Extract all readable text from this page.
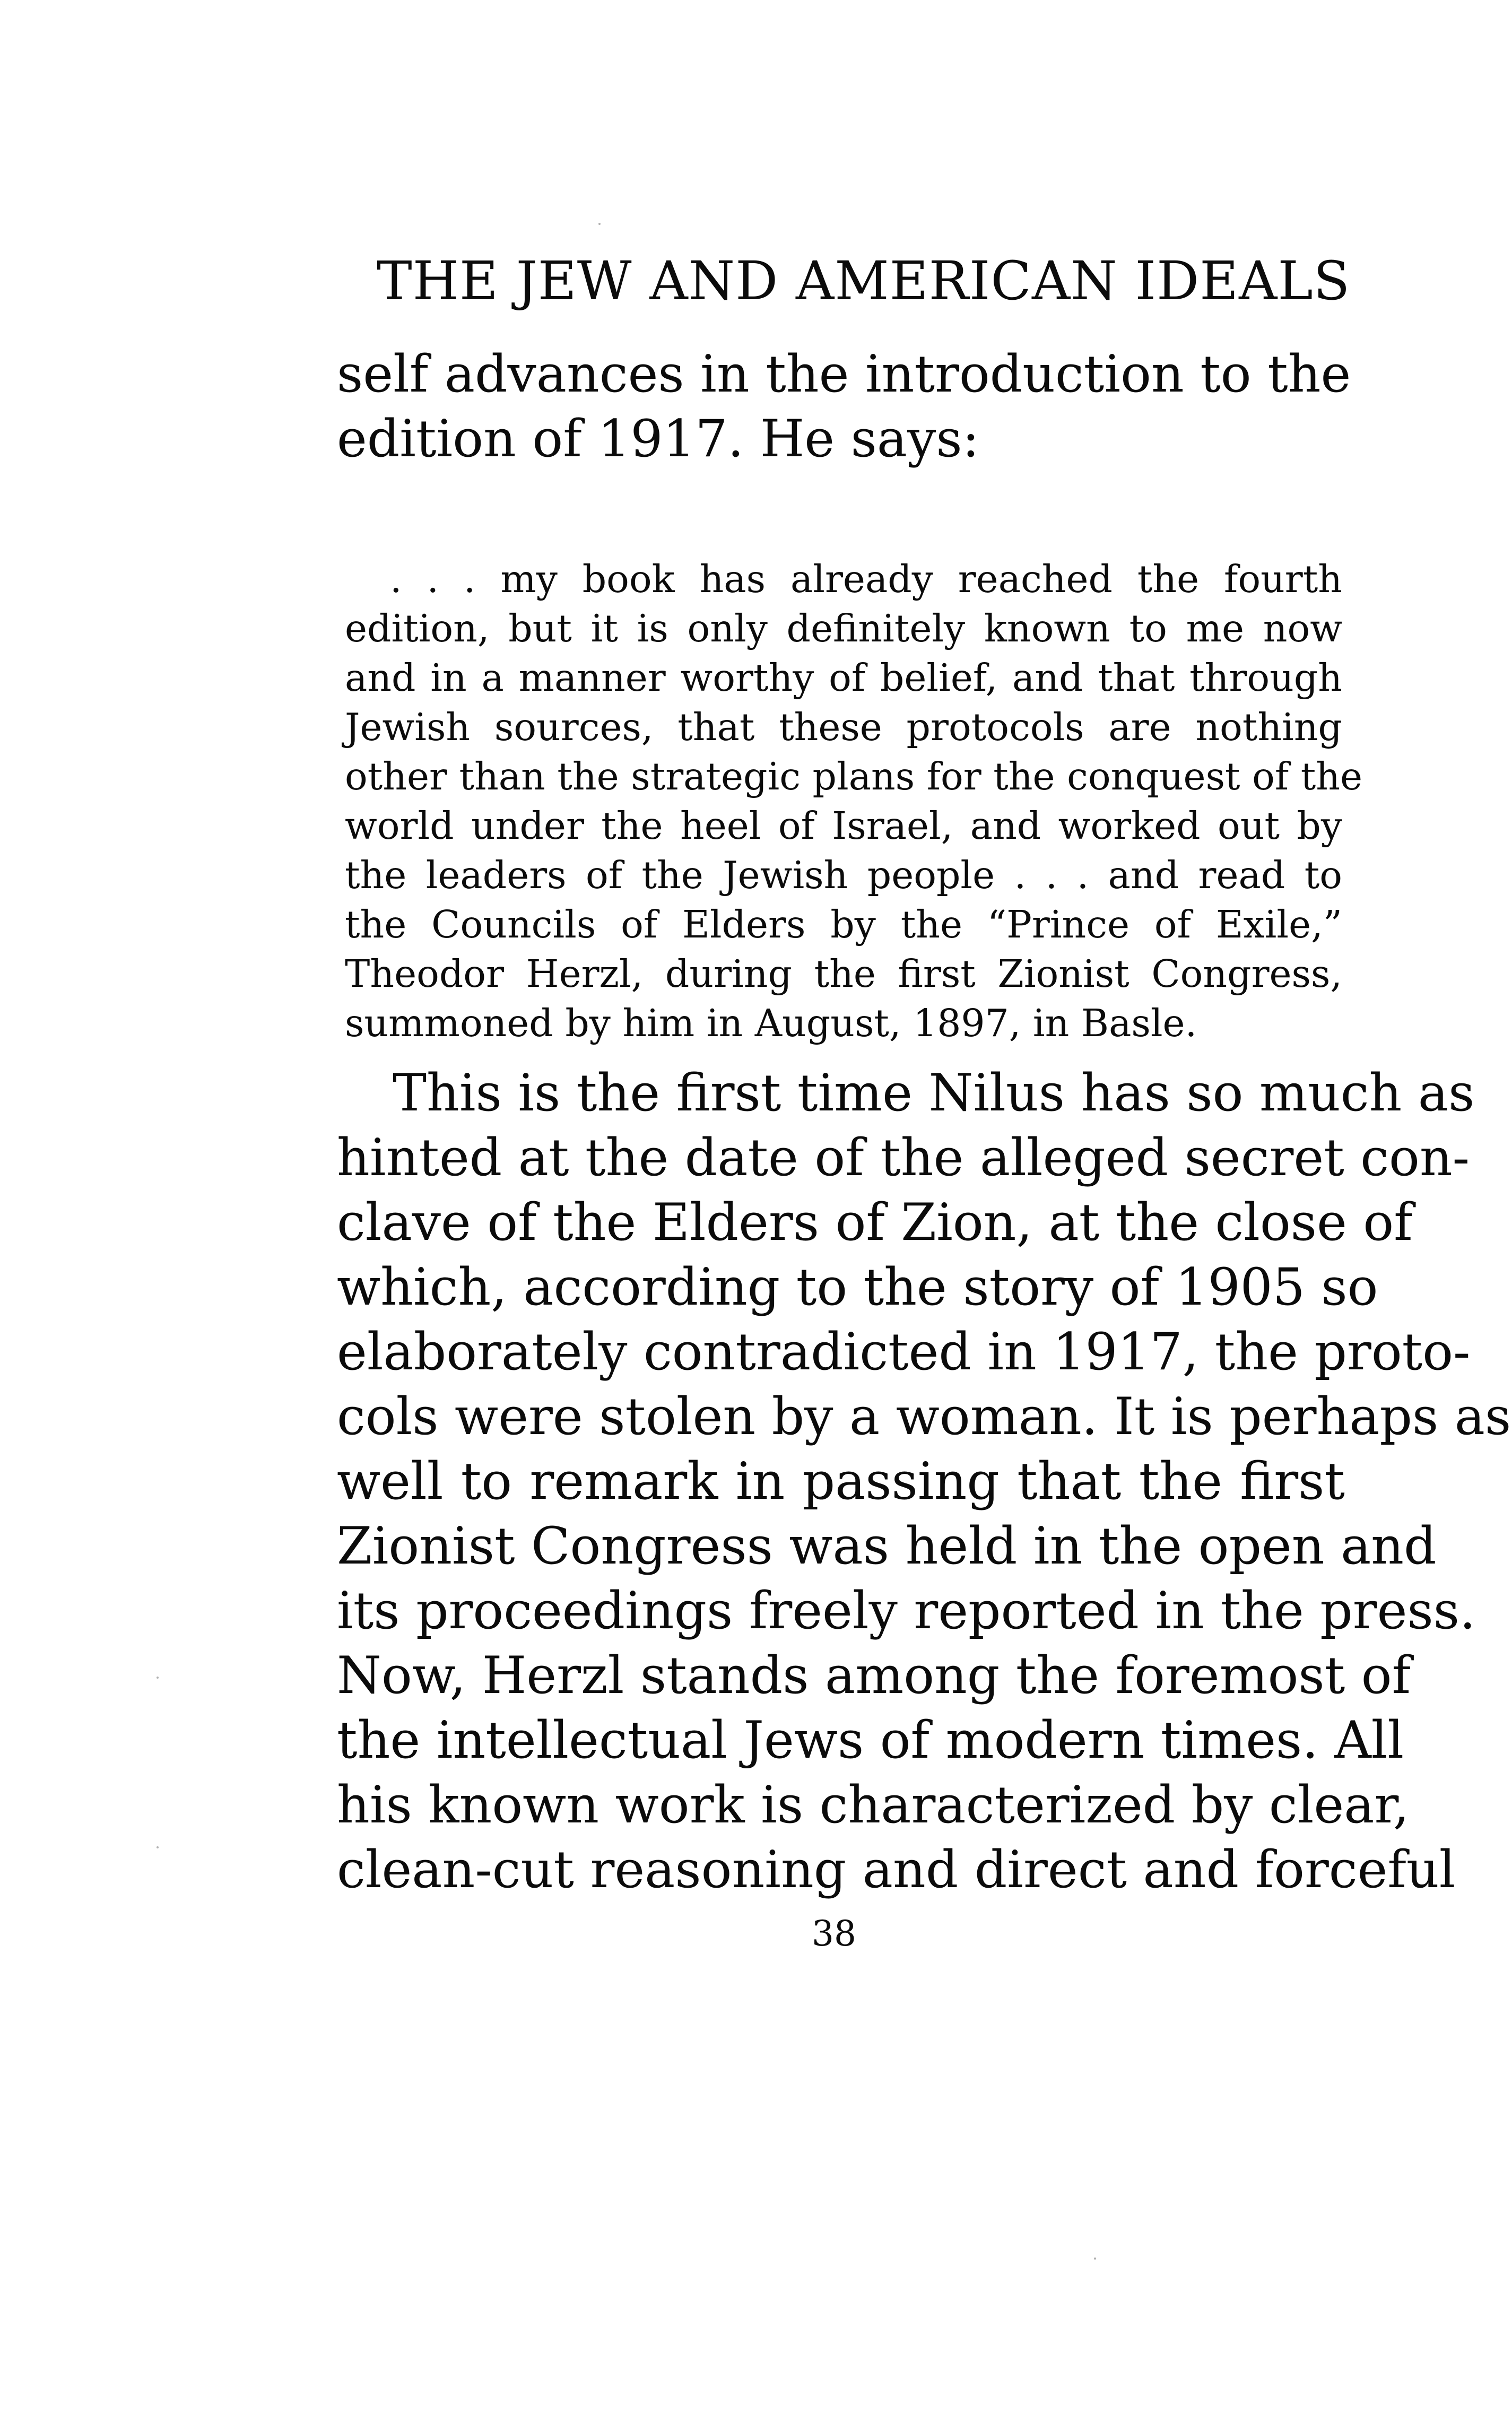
THE JEW AND AMERICAN IDEALS
self advances in the introduction to the
edition of 1917. He says:
. . . my book has already reached the fourth
edition, but it is only definitely known to me now
and in a manner worthy of belief, and that through
Jewish sources, that these protocols are nothing
other than the strategic plans for the conquest of the
world under the heel of Israel, and worked out by
the leaders of the Jewish people . . . and read to
the Councils of Elders by the “Prince of Exile,”
Theodor Herzl, during the first Zionist Congress,
summoned by him in August, 1897, in Basle.
This is the first time Nilus has so much as
hinted at the date of the alleged secret con-
clave of the Elders of Zion, at the close of
which, according to the story of 1905 so
elaborately contradicted in 1917, the proto-
cols were stolen by a woman. It is perhaps as
well to remark in passing that the first
Zionist Congress was held in the open and
its proceedings freely reported in the press.
Now, Herzl stands among the foremost of
the intellectual Jews of modern times. All
his known work is characterized by clear,
clean-cut reasoning and direct and forceful
38
